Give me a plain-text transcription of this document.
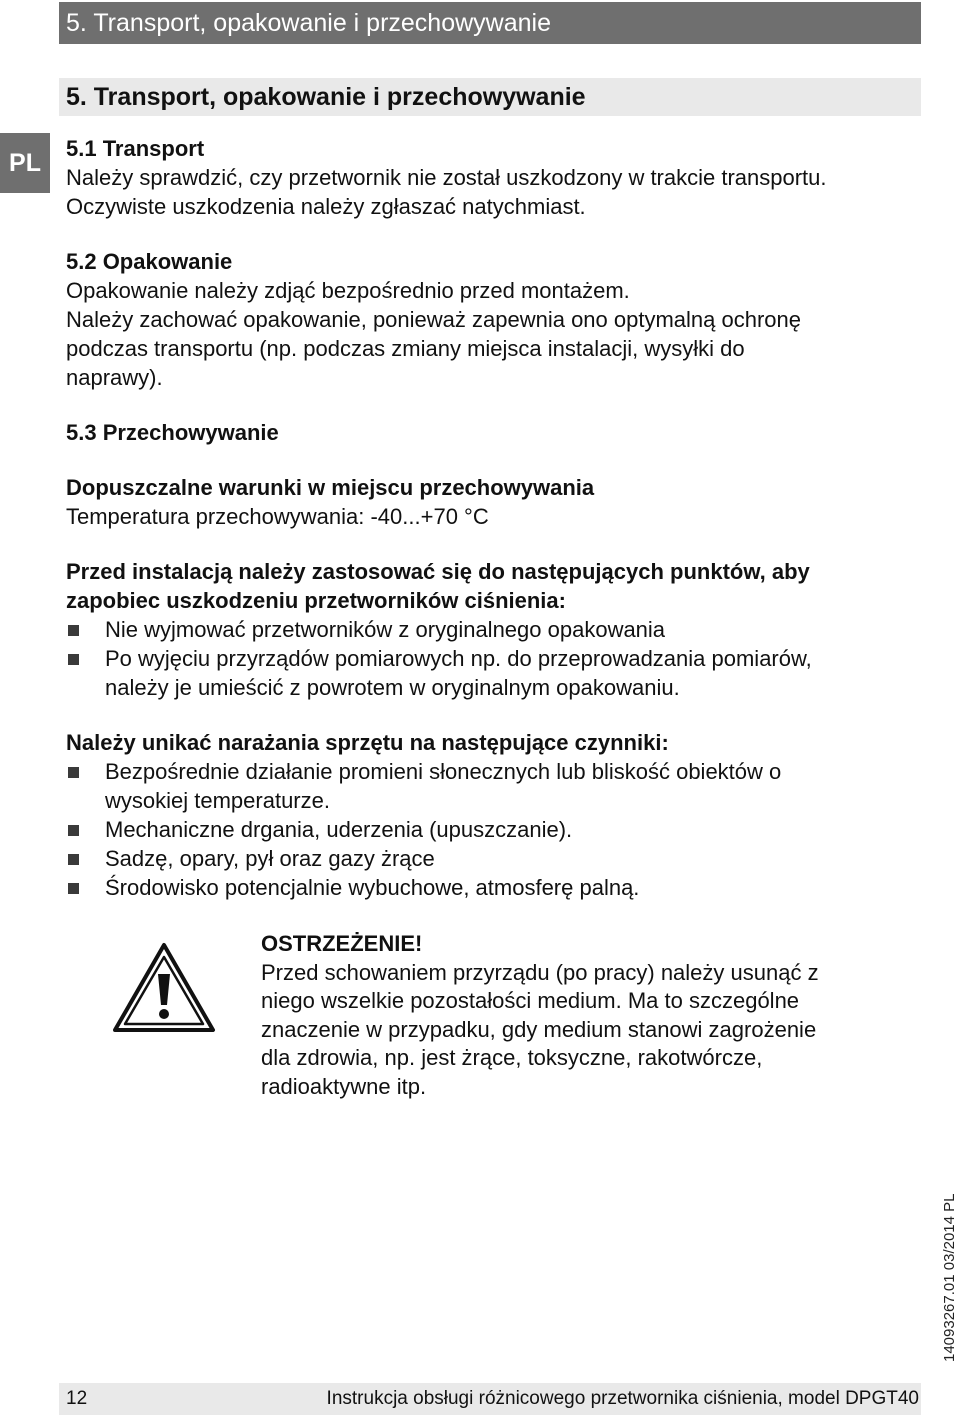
5. Transport, opakowanie i przechowywanie
5. Transport, opakowanie i przechowywanie
PL

5.1 Transport

Należy sprawdzić, czy przetwornik nie został uszkodzony w trakcie transportu.

Oczywiste uszkodzenia należy zgłaszać natychmiast.

5.2 Opakowanie

Opakowanie należy zdjąć bezpośrednio przed montażem.

Należy zachować opakowanie, ponieważ zapewnia ono optymalną ochronę

podczas transportu (np. podczas zmiany miejsca instalacji, wysyłki do

naprawy).

5.3 Przechowywanie

Dopuszczalne warunki w miejscu przechowywania

Temperatura przechowywania: -40...+70 °C

Przed instalacją należy zastosować się do następujących punktów, aby

zapobiec uszkodzeniu przetworników ciśnienia:

Nie wyjmować przetworników z oryginalnego opakowania
Po wyjęciu przyrządów pomiarowych np. do przeprowadzania pomiarów,
należy je umieścić z powrotem w oryginalnym opakowaniu.

Należy unikać narażania sprzętu na następujące czynniki:

Bezpośrednie działanie promieni słonecznych lub bliskość obiektów o
wysokiej temperaturze.
Mechaniczne drgania, uderzenia (upuszczanie).
Sadzę, opary, pył oraz gazy żrące
Środowisko potencjalnie wybuchowe, atmosferę palną.

OSTRZEŻENIE!

Przed schowaniem przyrządu (po pracy) należy usunąć z

niego wszelkie pozostałości medium. Ma to szczególne

znaczenie w przypadku, gdy medium stanowi zagrożenie

dla zdrowia, np. jest żrące, toksyczne, rakotwórcze,

radioaktywne itp.

14093267.01 03/2014 PL
12	Instrukcja obsługi różnicowego przetwornika ciśnienia, model DPGT40
